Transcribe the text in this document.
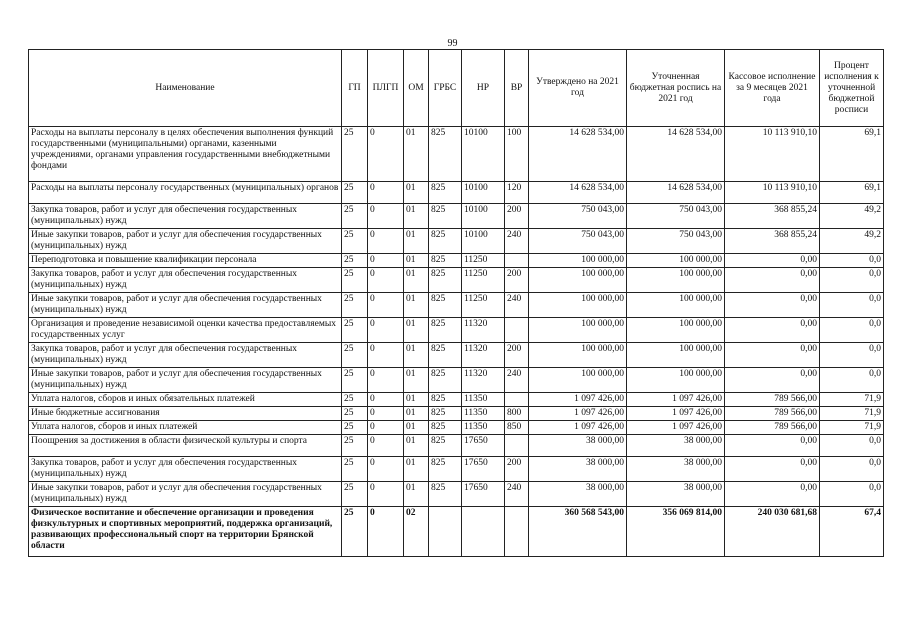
99
Наименование	ГП	ПЛГП	ОМ	ГРБС	НР	ВР	Утверждено на 2021 год	Уточненная бюджетная роспись на 2021 год	Кассовое исполнение за 9 месяцев 2021 года	Процент исполнения к уточненной бюджетной росписи
Расходы на выплаты персоналу в целях обеспечения выполнения функций государственными (муниципальными) органами, казенными учреждениями, органами управления государственными внебюджетными фондами	25	0	01	825	10100	100	14 628 534,00	14 628 534,00	10 113 910,10	69,1
Расходы на выплаты персоналу государственных (муниципальных) органов	25	0	01	825	10100	120	14 628 534,00	14 628 534,00	10 113 910,10	69,1
Закупка товаров, работ и услуг для обеспечения государственных (муниципальных) нужд	25	0	01	825	10100	200	750 043,00	750 043,00	368 855,24	49,2
Иные закупки товаров, работ и услуг для обеспечения государственных (муниципальных) нужд	25	0	01	825	10100	240	750 043,00	750 043,00	368 855,24	49,2
Переподготовка и повышение квалификации персонала	25	0	01	825	11250		100 000,00	100 000,00	0,00	0,0
Закупка товаров, работ и услуг для обеспечения государственных (муниципальных) нужд	25	0	01	825	11250	200	100 000,00	100 000,00	0,00	0,0
Иные закупки товаров, работ и услуг для обеспечения государственных (муниципальных) нужд	25	0	01	825	11250	240	100 000,00	100 000,00	0,00	0,0
Организация и проведение независимой оценки качества предоставляемых государственных услуг	25	0	01	825	11320		100 000,00	100 000,00	0,00	0,0
Закупка товаров, работ и услуг для обеспечения государственных (муниципальных) нужд	25	0	01	825	11320	200	100 000,00	100 000,00	0,00	0,0
Иные закупки товаров, работ и услуг для обеспечения государственных (муниципальных) нужд	25	0	01	825	11320	240	100 000,00	100 000,00	0,00	0,0
Уплата налогов, сборов и иных обязательных платежей	25	0	01	825	11350		1 097 426,00	1 097 426,00	789 566,00	71,9
Иные бюджетные ассигнования	25	0	01	825	11350	800	1 097 426,00	1 097 426,00	789 566,00	71,9
Уплата налогов, сборов и иных платежей	25	0	01	825	11350	850	1 097 426,00	1 097 426,00	789 566,00	71,9
Поощрения за достижения в области физической культуры и спорта	25	0	01	825	17650		38 000,00	38 000,00	0,00	0,0
Закупка товаров, работ и услуг для обеспечения государственных (муниципальных) нужд	25	0	01	825	17650	200	38 000,00	38 000,00	0,00	0,0
Иные закупки товаров, работ и услуг для обеспечения государственных (муниципальных) нужд	25	0	01	825	17650	240	38 000,00	38 000,00	0,00	0,0
Физическое воспитание и обеспечение организации и проведения физкультурных и спортивных мероприятий, поддержка организаций, развивающих профессиональный спорт на территории Брянской области	25	0	02				360 568 543,00	356 069 814,00	240 030 681,68	67,4
